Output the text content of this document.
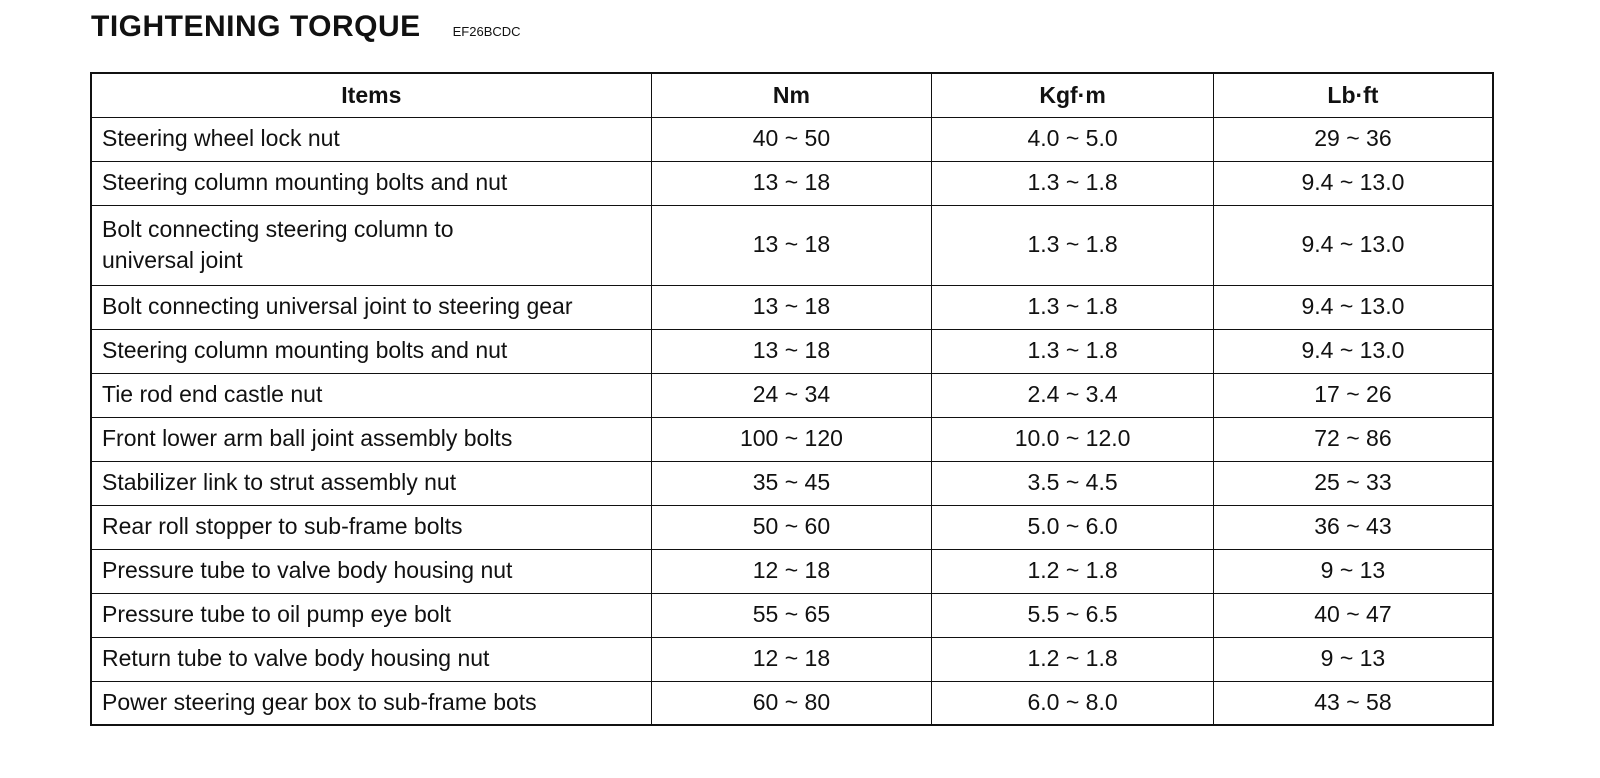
TIGHTENING TORQUE EF26BCDC
Items	Nm	Kgf·m	Lb·ft
Steering wheel lock nut	40 ~ 50	4.0 ~ 5.0	29 ~ 36
Steering column mounting bolts and nut	13 ~ 18	1.3 ~ 1.8	9.4 ~ 13.0
Bolt connecting steering column to
universal joint	13 ~ 18	1.3 ~ 1.8	9.4 ~ 13.0
Bolt connecting universal joint to steering gear	13 ~ 18	1.3 ~ 1.8	9.4 ~ 13.0
Steering column mounting bolts and nut	13 ~ 18	1.3 ~ 1.8	9.4 ~ 13.0
Tie rod end castle nut	24 ~ 34	2.4 ~ 3.4	17 ~ 26
Front lower arm ball joint assembly bolts	100 ~ 120	10.0 ~ 12.0	72 ~ 86
Stabilizer link to strut assembly nut	35 ~ 45	3.5 ~ 4.5	25 ~ 33
Rear roll stopper to sub-frame bolts	50 ~ 60	5.0 ~ 6.0	36 ~ 43
Pressure tube to valve body housing nut	12 ~ 18	1.2 ~ 1.8	9 ~ 13
Pressure tube to oil pump eye bolt	55 ~ 65	5.5 ~ 6.5	40 ~ 47
Return tube to valve body housing nut	12 ~ 18	1.2 ~ 1.8	9 ~ 13
Power steering gear box to sub-frame bots	60 ~ 80	6.0 ~ 8.0	43 ~ 58
